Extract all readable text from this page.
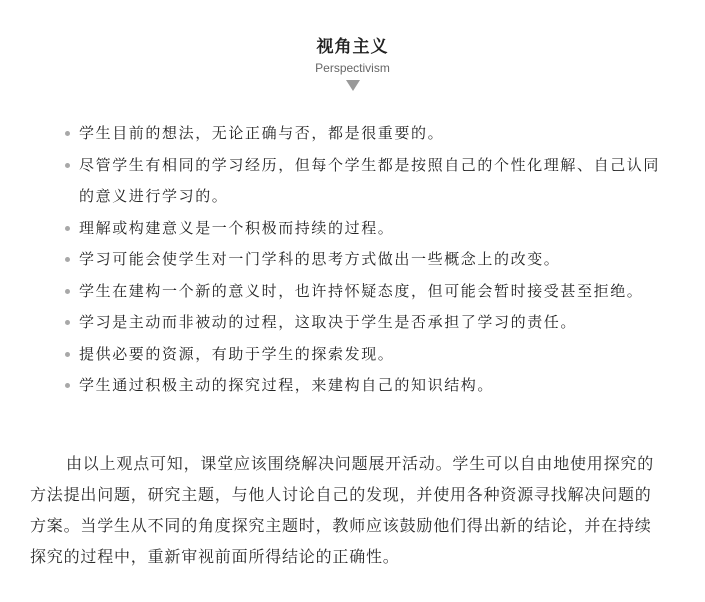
视角主义
Perspectivism
学生目前的想法，无论正确与否，都是很重要的。
尽管学生有相同的学习经历，但每个学生都是按照自己的个性化理解、自己认同的意义进行学习的。
理解或构建意义是一个积极而持续的过程。
学习可能会使学生对一门学科的思考方式做出一些概念上的改变。
学生在建构一个新的意义时，也许持怀疑态度，但可能会暂时接受甚至拒绝。
学习是主动而非被动的过程，这取决于学生是否承担了学习的责任。
提供必要的资源，有助于学生的探索发现。
学生通过积极主动的探究过程，来建构自己的知识结构。

由以上观点可知，课堂应该围绕解决问题展开活动。学生可以自由地使用探究的方法提出问题，研究主题，与他人讨论自己的发现，并使用各种资源寻找解决问题的方案。当学生从不同的角度探究主题时，教师应该鼓励他们得出新的结论，并在持续探究的过程中，重新审视前面所得结论的正确性。
